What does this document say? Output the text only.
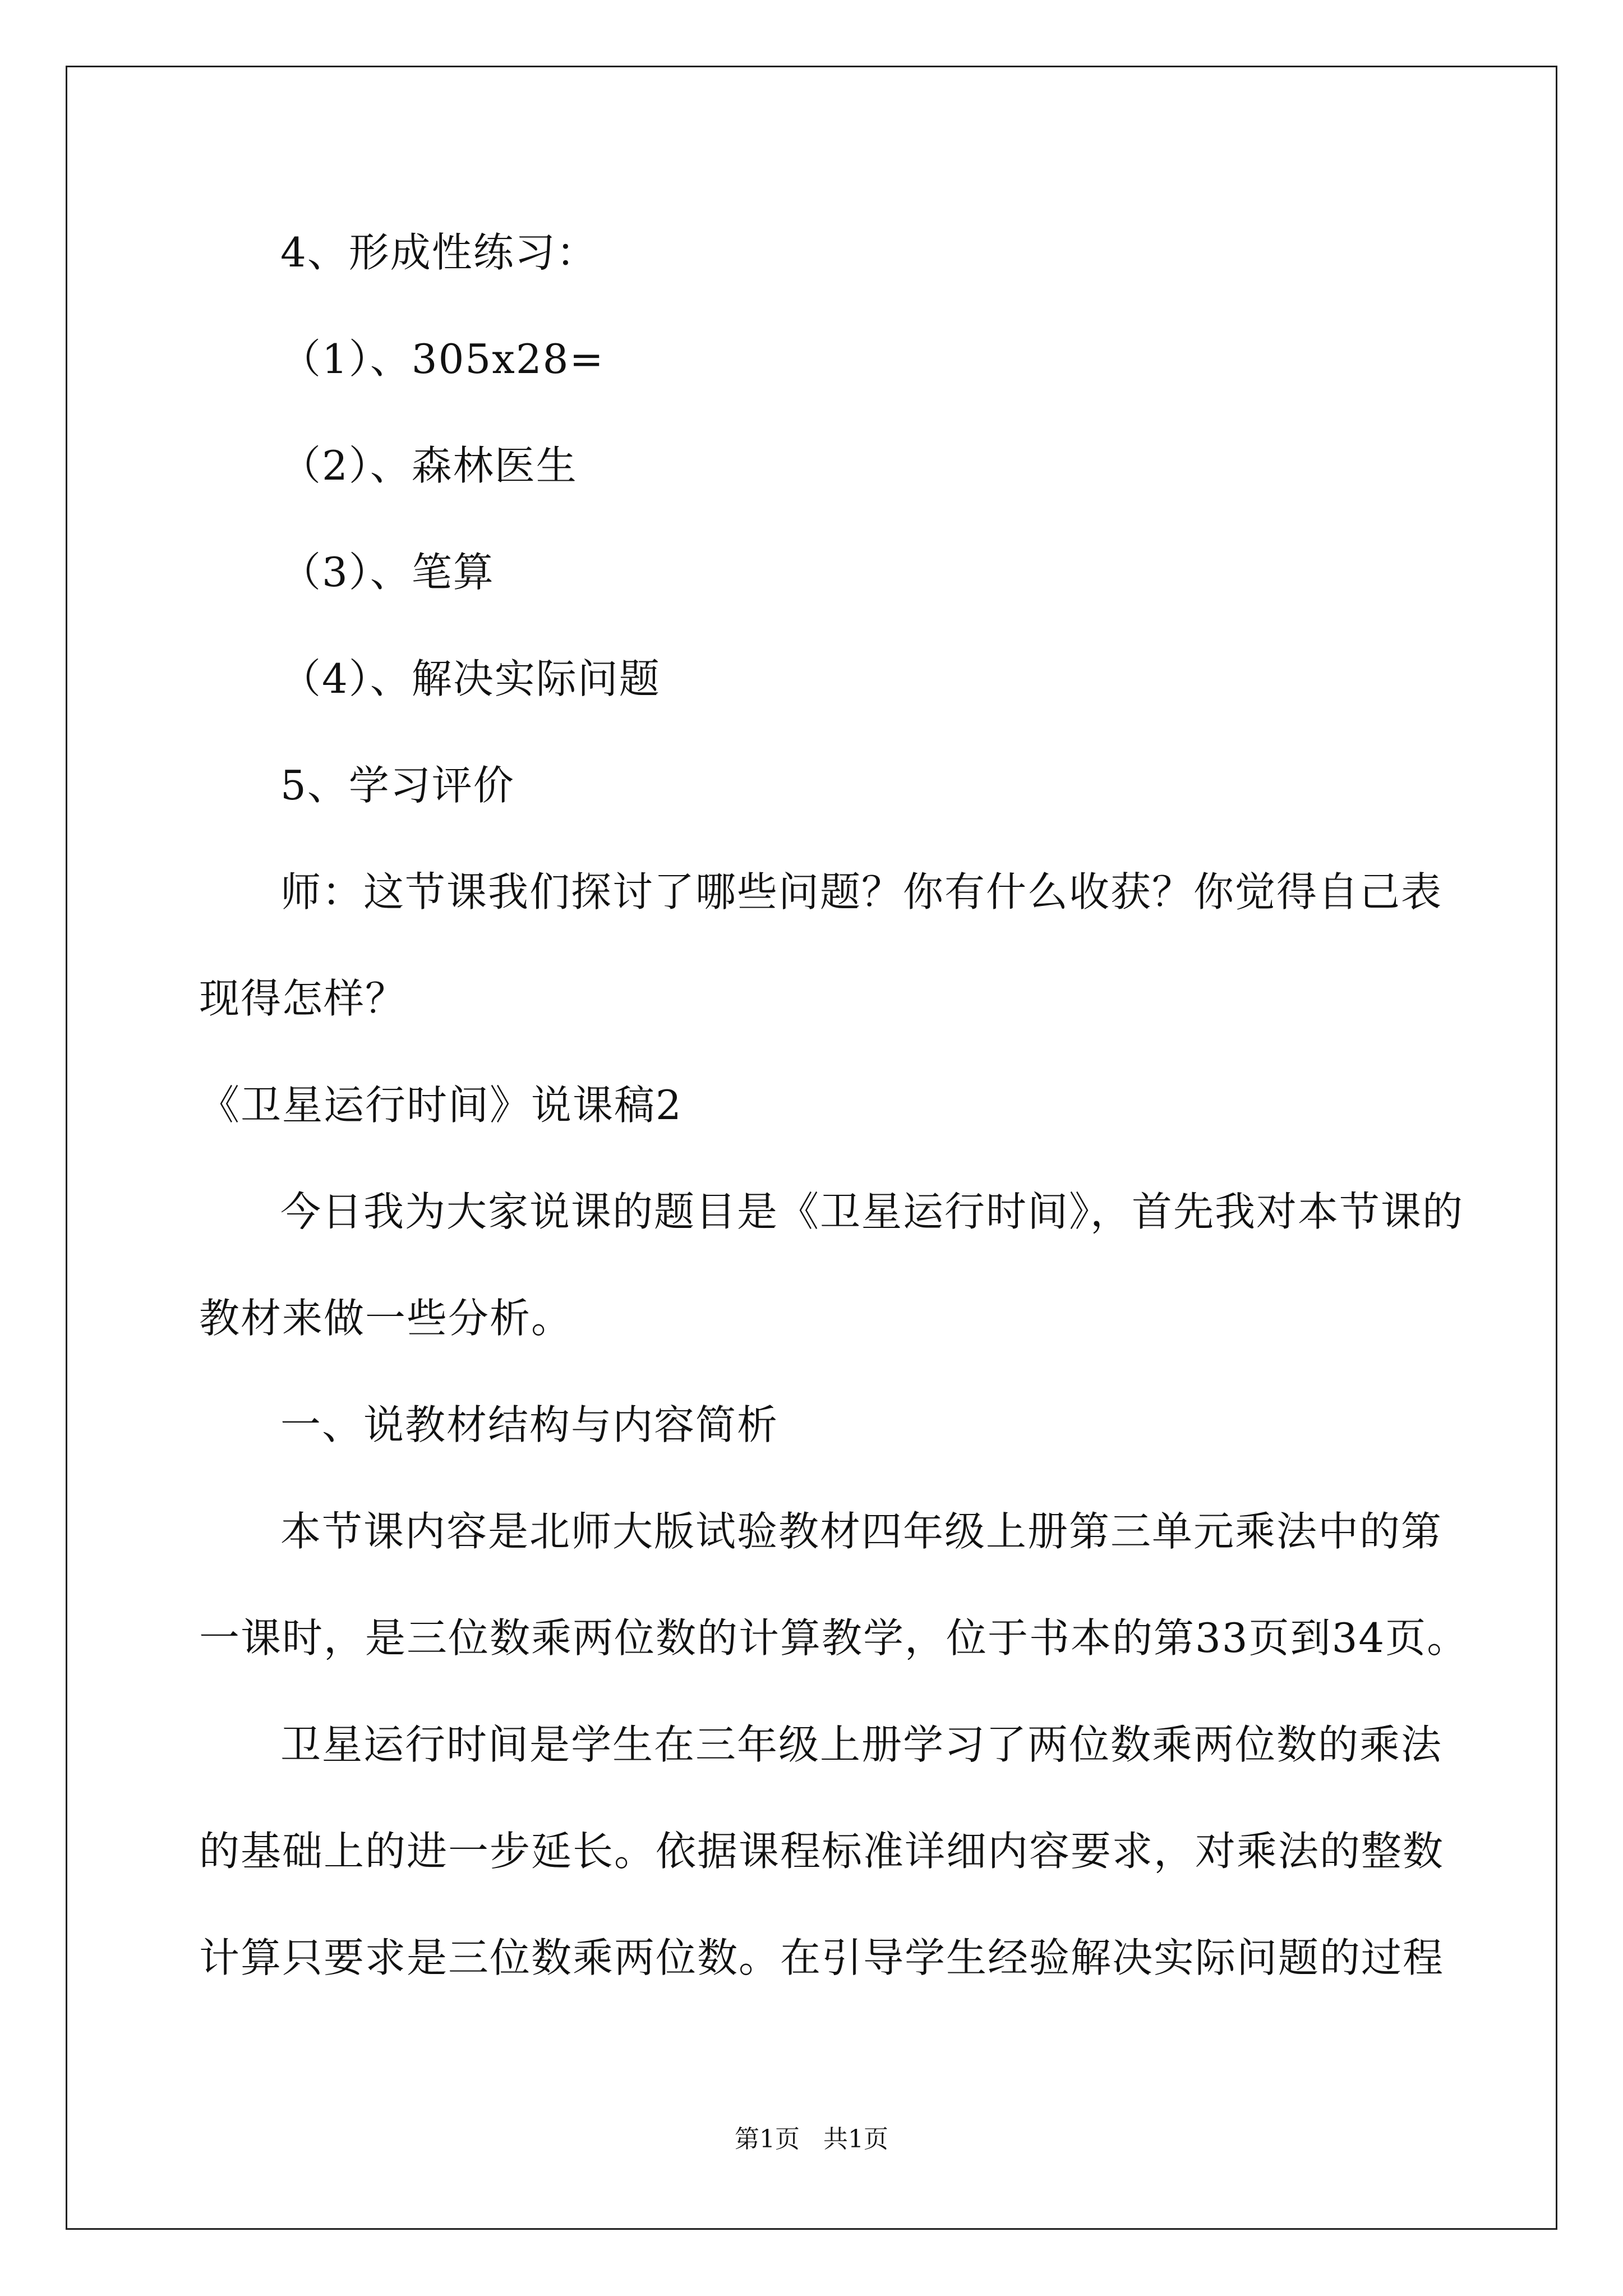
4、形成性练习：
（1）、305x28=
（2）、森林医生
（3）、笔算
（4）、解决实际问题
5、学习评价
师：这节课我们探讨了哪些问题？你有什么收获？你觉得自己表
现得怎样？
《卫星运行时间》说课稿2
今日我为大家说课的题目是《卫星运行时间》，首先我对本节课的
教材来做一些分析。
一、说教材结构与内容简析
本节课内容是北师大版试验教材四年级上册第三单元乘法中的第
一课时，是三位数乘两位数的计算教学，位于书本的第33页到34页。
卫星运行时间是学生在三年级上册学习了两位数乘两位数的乘法
的基础上的进一步延长。依据课程标准详细内容要求，对乘法的整数
计算只要求是三位数乘两位数。在引导学生经验解决实际问题的过程
第1页   共1页
